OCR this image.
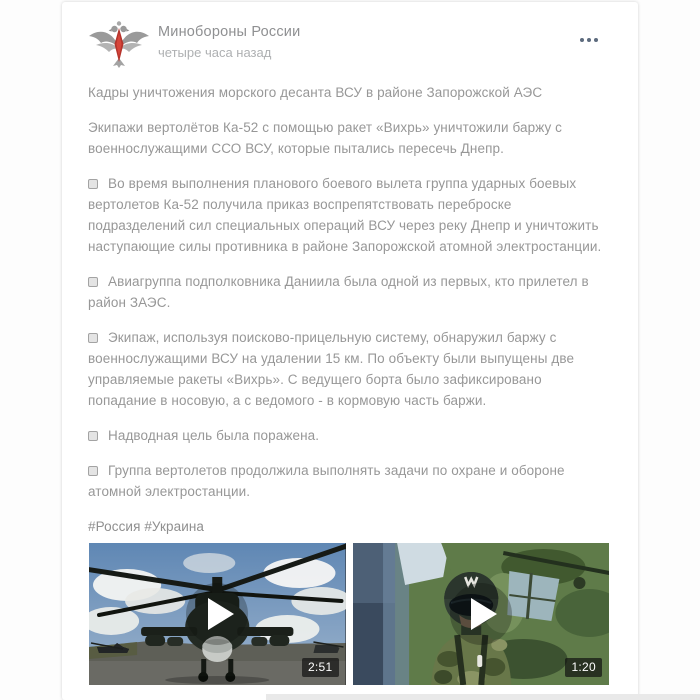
Минобороны России
четыре часа назад

Кадры уничтожения морского десанта ВСУ в районе Запорожской АЭС

Экипажи вертолётов Ка-52 с помощью ракет «Вихрь» уничтожили баржу с военнослужащими ССО ВСУ, которые пытались пересечь Днепр.

Во время выполнения планового боевого вылета группа ударных боевых вертолетов Ка-52 получила приказ воспрепятствовать переброске подразделений сил специальных операций ВСУ через реку Днепр и уничтожить наступающие силы противника в районе Запорожской атомной электростанции.

Авиагруппа подполковника Даниила была одной из первых, кто прилетел в район ЗАЭС.

Экипаж, используя поисково-прицельную систему, обнаружил баржу с военнослужащими ВСУ на удалении 15 км. По объекту были выпущены две управляемые ракеты «Вихрь». С ведущего борта было зафиксировано попадание в носовую, а с ведомого - в кормовую часть баржи.

Надводная цель была поражена.

Группа вертолетов продолжила выполнять задачи по охране и обороне атомной электростанции.

#Россия #Украина

2:51	1:20
